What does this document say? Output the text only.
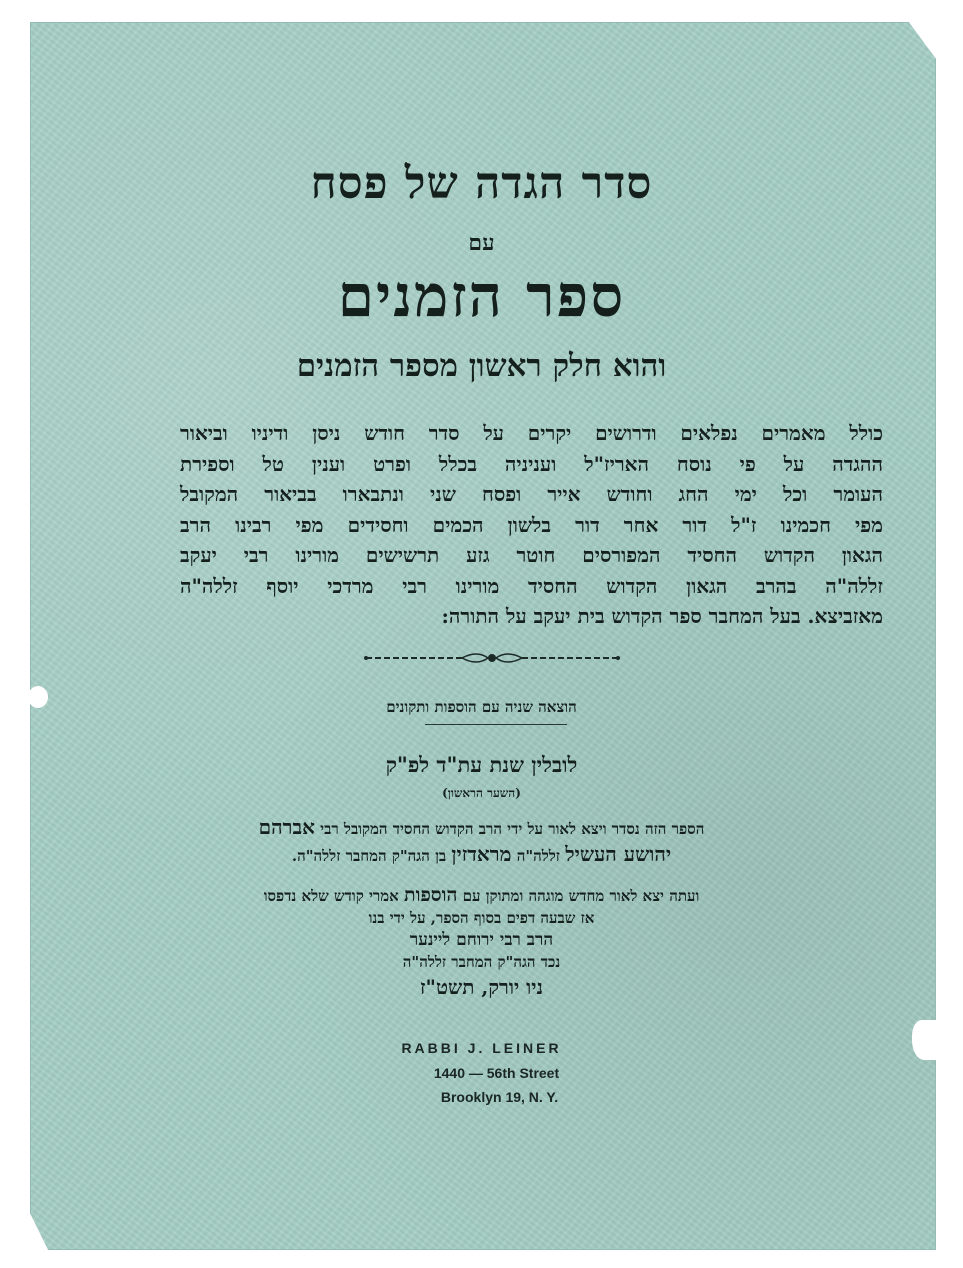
סדר הגדה של פסח
עם
ספר הזמנים
והוא חלק ראשון מספר הזמנים
כולל מאמרים נפלאים ודרושים יקרים על סדר חודש ניסן ודיניו וביאור
ההגדה על פי נוסח האריז"ל ועניניה בכלל ופרט וענין טל וספירת
העומר וכל ימי החג וחודש אייר ופסח שני ונתבארו בביאור המקובל
מפי חכמינו ז"ל דור אחר דור בלשון הכמים וחסידים מפי רבינו הרב
הגאון הקדוש החסיד המפורסים חוטר גזע תרשישים מורינו רבי יעקב
זללה"ה בהרב הגאון הקדוש החסיד מורינו רבי מרדכי יוסף זללה"ה
מאזביצא. בעל המחבר ספר הקדוש בית יעקב על התורה:
הוצאה שניה עם הוספות ותקונים
לובלין שנת עת"ד לפ"ק
(השער הראשון)
הספר הזה נסדר ויצא לאור על ידי הרב הקדוש החסיד המקובל רבי אברהם
יהושע העשיל זללה"ה מראדזין בן הגה"ק המחבר זללה"ה.
ועתה יצא לאור מחדש מוגהה ומתוקן עם הוספות אמרי קודש שלא נדפסו
אז שבעה דפים בסוף הספר, על ידי בנו
הרב רבי ירוחם ליינער
נכד הגה"ק המחבר זללה"ה
ניו יורק, תשט"ז
RABBI J. LEINER
1440 — 56th Street
Brooklyn 19, N. Y.
